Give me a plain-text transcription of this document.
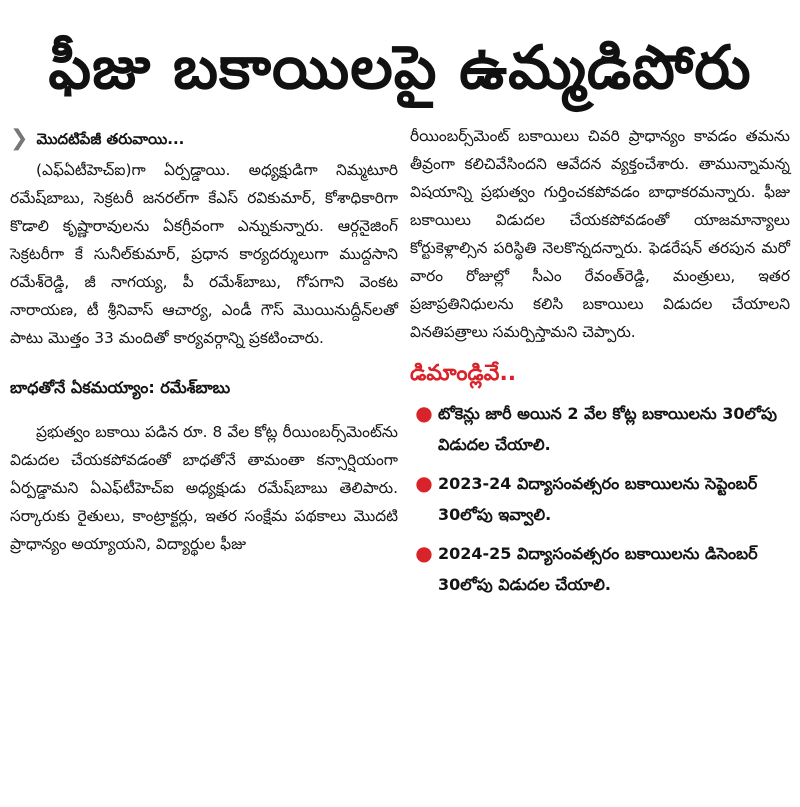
ఫీజు బకాయిలపై ఉమ్మడిపోరు
❯ మొదటిపేజీ తరువాయి...

(ఎఫ్ఏటీహెచ్ఐ)గా ఏర్పడ్డాయి. అధ్యక్షుడిగా నిమ్మటూరి రమేష్‌బాబు, సెక్రటరీ జనరల్‌గా కేఎస్ రవికుమార్, కోశాధికారిగా కొడాలి కృష్ణారావులను ఏకగ్రీవంగా ఎన్నుకున్నారు. ఆర్గనైజింగ్ సెక్రటరీగా కే సునీల్‌కుమార్, ప్రధాన కార్యదర్శులుగా ముద్దసాని రమేశ్‌రెడ్డి, జీ నాగయ్య, పీ రమేశ్‌బాబు, గోపగాని వెంకట నారాయణ, టీ శ్రీనివాస్ ఆచార్య, ఎండీ గౌస్ మొయినుద్దీన్‌లతో పాటు మొత్తం 33 మందితో కార్యవర్గాన్ని ప్రకటించారు.

బాధతోనే ఏకమయ్యాం: రమేశ్‌బాబు

ప్రభుత్వం బకాయి పడిన రూ. 8 వేల కోట్ల రీయింబర్స్‌మెంట్‌ను విడుదల చేయకపోవడంతో బాధతోనే తామంతా కన్సార్షియంగా ఏర్పడ్డామని ఏఎఫ్‌టీహెచ్ఐ అధ్యక్షుడు రమేష్‌బాబు తెలిపారు. సర్కారుకు రైతులు, కాంట్రాక్టర్లు, ఇతర సంక్షేమ పథకాలు మొదటి ప్రాధాన్యం అయ్యాయని, విద్యార్థుల ఫీజు

రీయింబర్స్‌మెంట్ బకాయిలు చివరి ప్రాధాన్యం కావడం తమను తీవ్రంగా కలిచివేసిందని ఆవేదన వ్యక్తంచేశారు. తామున్నామన్న విషయాన్ని ప్రభుత్వం గుర్తించకపోవడం బాధాకరమన్నారు. ఫీజు బకాయిలు విడుదల చేయకపోవడంతో యాజమాన్యాలు కోర్టుకెళ్లాల్సిన పరిస్థితి నెలకొన్నదన్నారు. ఫెడరేషన్ తరపున మరో వారం రోజుల్లో సీఎం రేవంత్‌రెడ్డి, మంత్రులు, ఇతర ప్రజాప్రతినిధులను కలిసి బకాయిలు విడుదల చేయాలని వినతిపత్రాలు సమర్పిస్తామని చెప్పారు.

డిమాండ్లివే..
● టోకెన్లు జారీ అయిన 2 వేల కోట్ల బకాయిలను 30లోపు విడుదల చేయాలి.
● 2023-24 విద్యాసంవత్సరం బకాయిలను సెప్టెంబర్ 30లోపు ఇవ్వాలి.
● 2024-25 విద్యాసంవత్సరం బకాయిలను డిసెంబర్ 30లోపు విడుదల చేయాలి.
